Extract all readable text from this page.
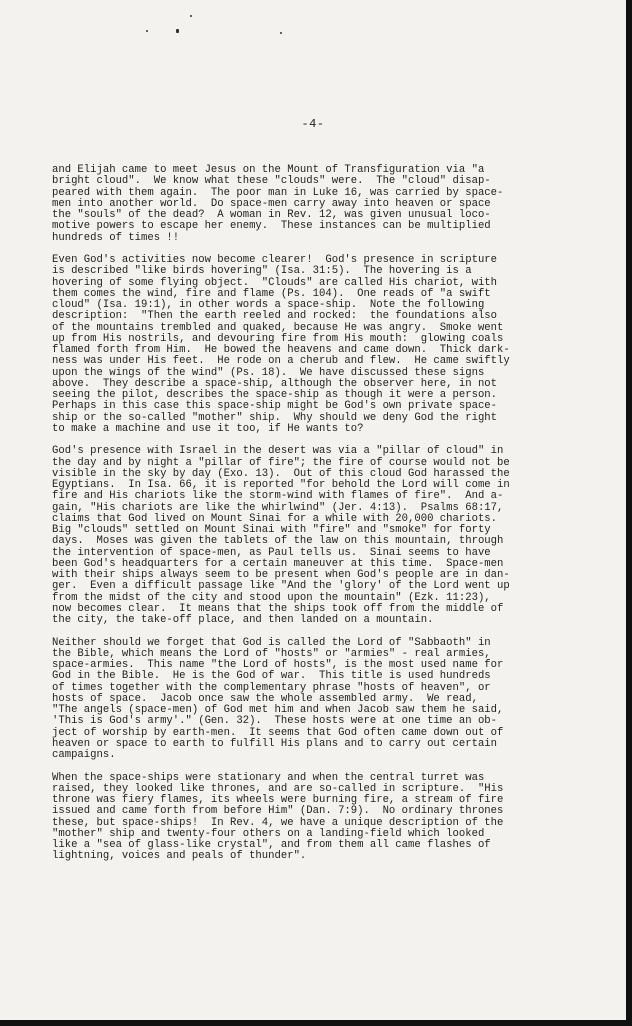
-4-
and Elijah came to meet Jesus on the Mount of Transfiguration via "a
bright cloud".  We know what these "clouds" were.  The "cloud" disap-
peared with them again.  The poor man in Luke 16, was carried by space-
men into another world.  Do space-men carry away into heaven or space
the "souls" of the dead?  A woman in Rev. 12, was given unusual loco-
motive powers to escape her enemy.  These instances can be multiplied
hundreds of times !!
Even God's activities now become clearer!  God's presence in scripture
is described "like birds hovering" (Isa. 31:5).  The hovering is a
hovering of some flying object.  "Clouds" are called His chariot, with
them comes the wind, fire and flame (Ps. 104).  One reads of "a swift
cloud" (Isa. 19:1), in other words a space-ship.  Note the following
description:  "Then the earth reeled and rocked:  the foundations also
of the mountains trembled and quaked, because He was angry.  Smoke went
up from His nostrils, and devouring fire from His mouth:  glowing coals
flamed forth from Him.  He bowed the heavens and came down.  Thick dark-
ness was under His feet.  He rode on a cherub and flew.  He came swiftly
upon the wings of the wind" (Ps. 18).  We have discussed these signs
above.  They describe a space-ship, although the observer here, in not
seeing the pilot, describes the space-ship as though it were a person.
Perhaps in this case this space-ship might be God's own private space-
ship or the so-called "mother" ship.  Why should we deny God the right
to make a machine and use it too, if He wants to?
God's presence with Israel in the desert was via a "pillar of cloud" in
the day and by night a "pillar of fire"; the fire of course would not be
visible in the sky by day (Exo. 13).  Out of this cloud God harassed the
Egyptians.  In Isa. 66, it is reported "for behold the Lord will come in
fire and His chariots like the storm-wind with flames of fire".  And a-
gain, "His chariots are like the whirlwind" (Jer. 4:13).  Psalms 68:17,
claims that God lived on Mount Sinai for a while with 20,000 chariots.
Big "clouds" settled on Mount Sinai with "fire" and "smoke" for forty
days.  Moses was given the tablets of the law on this mountain, through
the intervention of space-men, as Paul tells us.  Sinai seems to have
been God's headquarters for a certain maneuver at this time.  Space-men
with their ships always seem to be present when God's people are in dan-
ger.  Even a difficult passage like "And the 'glory' of the Lord went up
from the midst of the city and stood upon the mountain" (Ezk. 11:23),
now becomes clear.  It means that the ships took off from the middle of
the city, the take-off place, and then landed on a mountain.
Neither should we forget that God is called the Lord of "Sabbaoth" in
the Bible, which means the Lord of "hosts" or "armies" - real armies,
space-armies.  This name "the Lord of hosts", is the most used name for
God in the Bible.  He is the God of war.  This title is used hundreds
of times together with the complementary phrase "hosts of heaven", or
hosts of space.  Jacob once saw the whole assembled army.  We read,
"The angels (space-men) of God met him and when Jacob saw them he said,
'This is God's army'." (Gen. 32).  These hosts were at one time an ob-
ject of worship by earth-men.  It seems that God often came down out of
heaven or space to earth to fulfill His plans and to carry out certain
campaigns.
When the space-ships were stationary and when the central turret was
raised, they looked like thrones, and are so-called in scripture.  "His
throne was fiery flames, its wheels were burning fire, a stream of fire
issued and came forth from before Him" (Dan. 7:9).  No ordinary thrones
these, but space-ships!  In Rev. 4, we have a unique description of the
"mother" ship and twenty-four others on a landing-field which looked
like a "sea of glass-like crystal", and from them all came flashes of
lightning, voices and peals of thunder".
